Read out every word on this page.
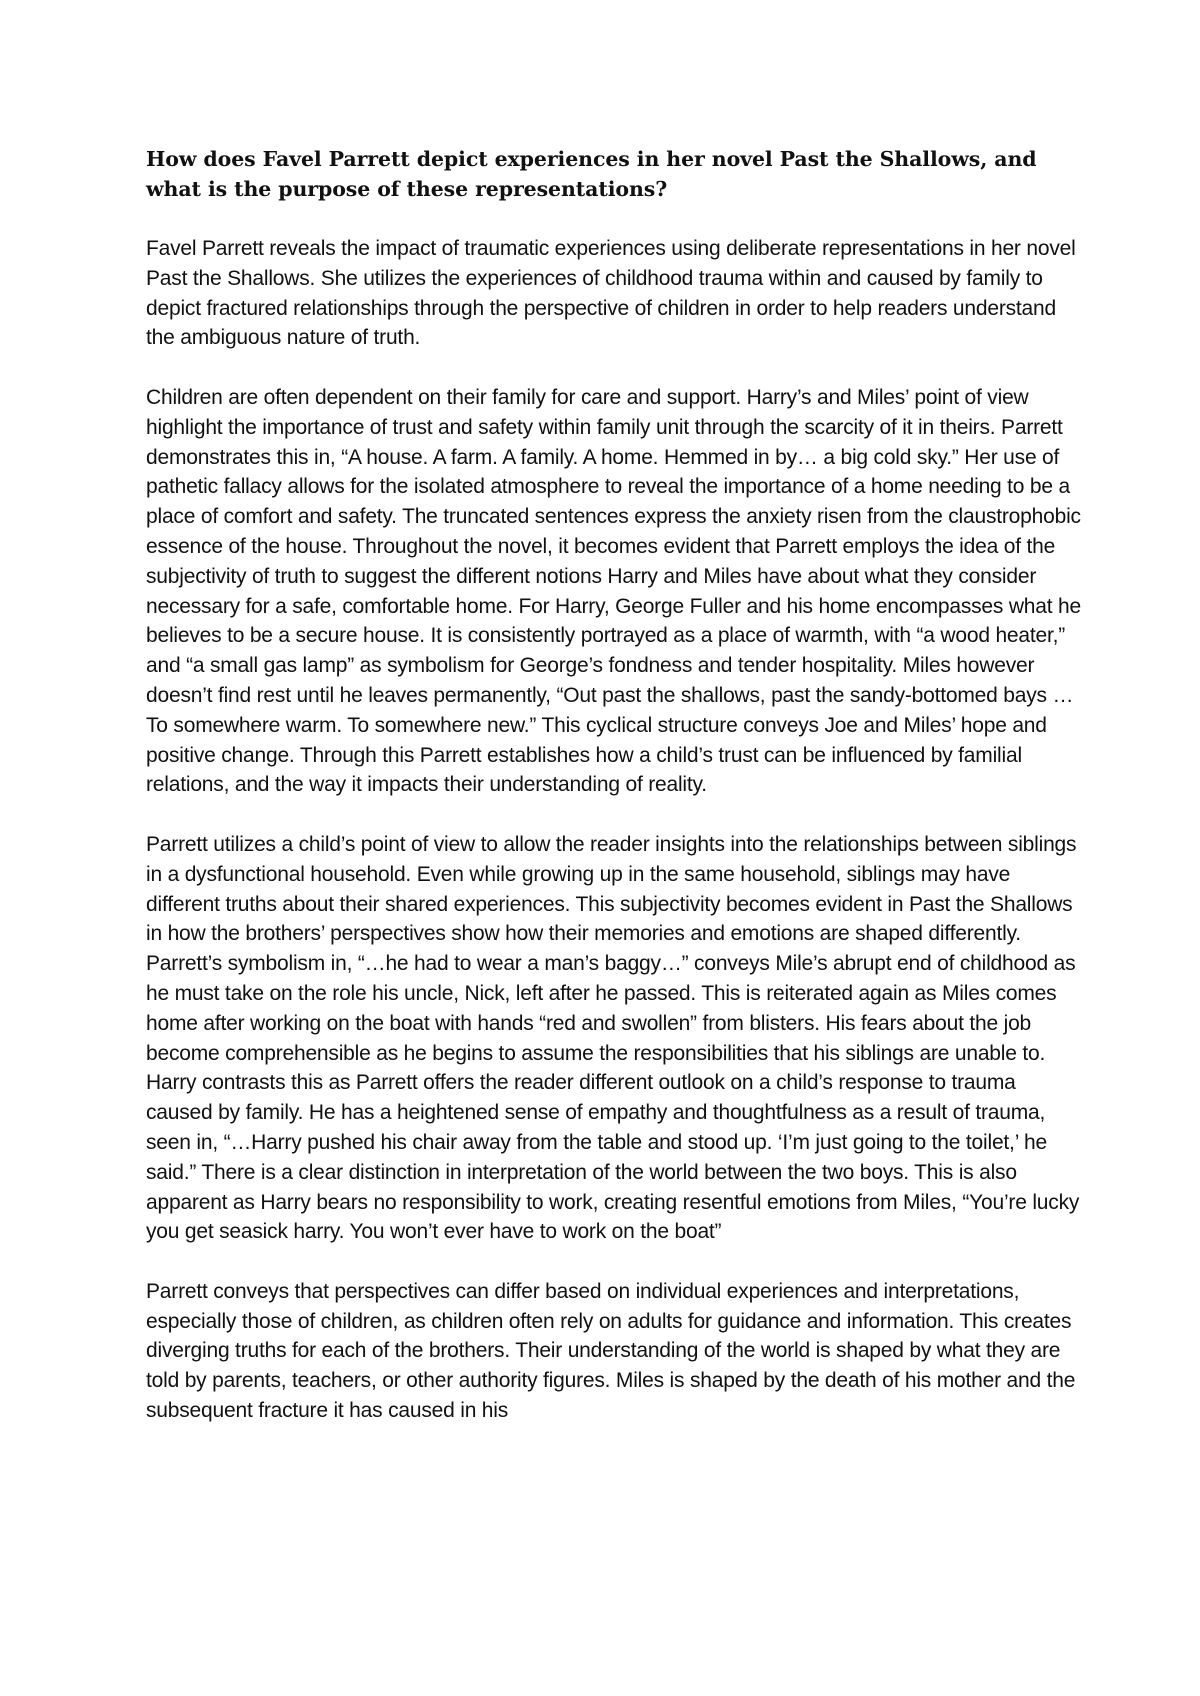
How does Favel Parrett depict experiences in her novel Past the Shallows, and what is the purpose of these representations?

Favel Parrett reveals the impact of traumatic experiences using deliberate representations in her novel Past the Shallows. She utilizes the experiences of childhood trauma within and caused by family to depict fractured relationships through the perspective of children in order to help readers understand the ambiguous nature of truth.

Children are often dependent on their family for care and support. Harry’s and Miles’ point of view highlight the importance of trust and safety within family unit through the scarcity of it in theirs. Parrett demonstrates this in, “A house. A farm. A family. A home. Hemmed in by… a big cold sky.” Her use of pathetic fallacy allows for the isolated atmosphere to reveal the importance of a home needing to be a place of comfort and safety. The truncated sentences express the anxiety risen from the claustrophobic essence of the house. Throughout the novel, it becomes evident that Parrett employs the idea of the subjectivity of truth to suggest the different notions Harry and Miles have about what they consider necessary for a safe, comfortable home. For Harry, George Fuller and his home encompasses what he believes to be a secure house. It is consistently portrayed as a place of warmth, with “a wood heater,” and “a small gas lamp” as symbolism for George’s fondness and tender hospitality. Miles however doesn’t find rest until he leaves permanently, “Out past the shallows, past the sandy-bottomed bays … To somewhere warm. To somewhere new.” This cyclical structure conveys Joe and Miles’ hope and positive change. Through this Parrett establishes how a child’s trust can be influenced by familial relations, and the way it impacts their understanding of reality.

Parrett utilizes a child’s point of view to allow the reader insights into the relationships between siblings in a dysfunctional household. Even while growing up in the same household, siblings may have different truths about their shared experiences. This subjectivity becomes evident in Past the Shallows in how the brothers’ perspectives show how their memories and emotions are shaped differently. Parrett’s symbolism in, “…he had to wear a man’s baggy…” conveys Mile’s abrupt end of childhood as he must take on the role his uncle, Nick, left after he passed. This is reiterated again as Miles comes home after working on the boat with hands “red and swollen” from blisters. His fears about the job become comprehensible as he begins to assume the responsibilities that his siblings are unable to. Harry contrasts this as Parrett offers the reader different outlook on a child’s response to trauma caused by family. He has a heightened sense of empathy and thoughtfulness as a result of trauma, seen in, “…Harry pushed his chair away from the table and stood up. ‘I’m just going to the toilet,’ he said.” There is a clear distinction in interpretation of the world between the two boys. This is also apparent as Harry bears no responsibility to work, creating resentful emotions from Miles, “You’re lucky you get seasick harry. You won’t ever have to work on the boat”

Parrett conveys that perspectives can differ based on individual experiences and interpretations, especially those of children, as children often rely on adults for guidance and information. This creates diverging truths for each of the brothers. Their understanding of the world is shaped by what they are told by parents, teachers, or other authority figures. Miles is shaped by the death of his mother and the subsequent fracture it has caused in his
